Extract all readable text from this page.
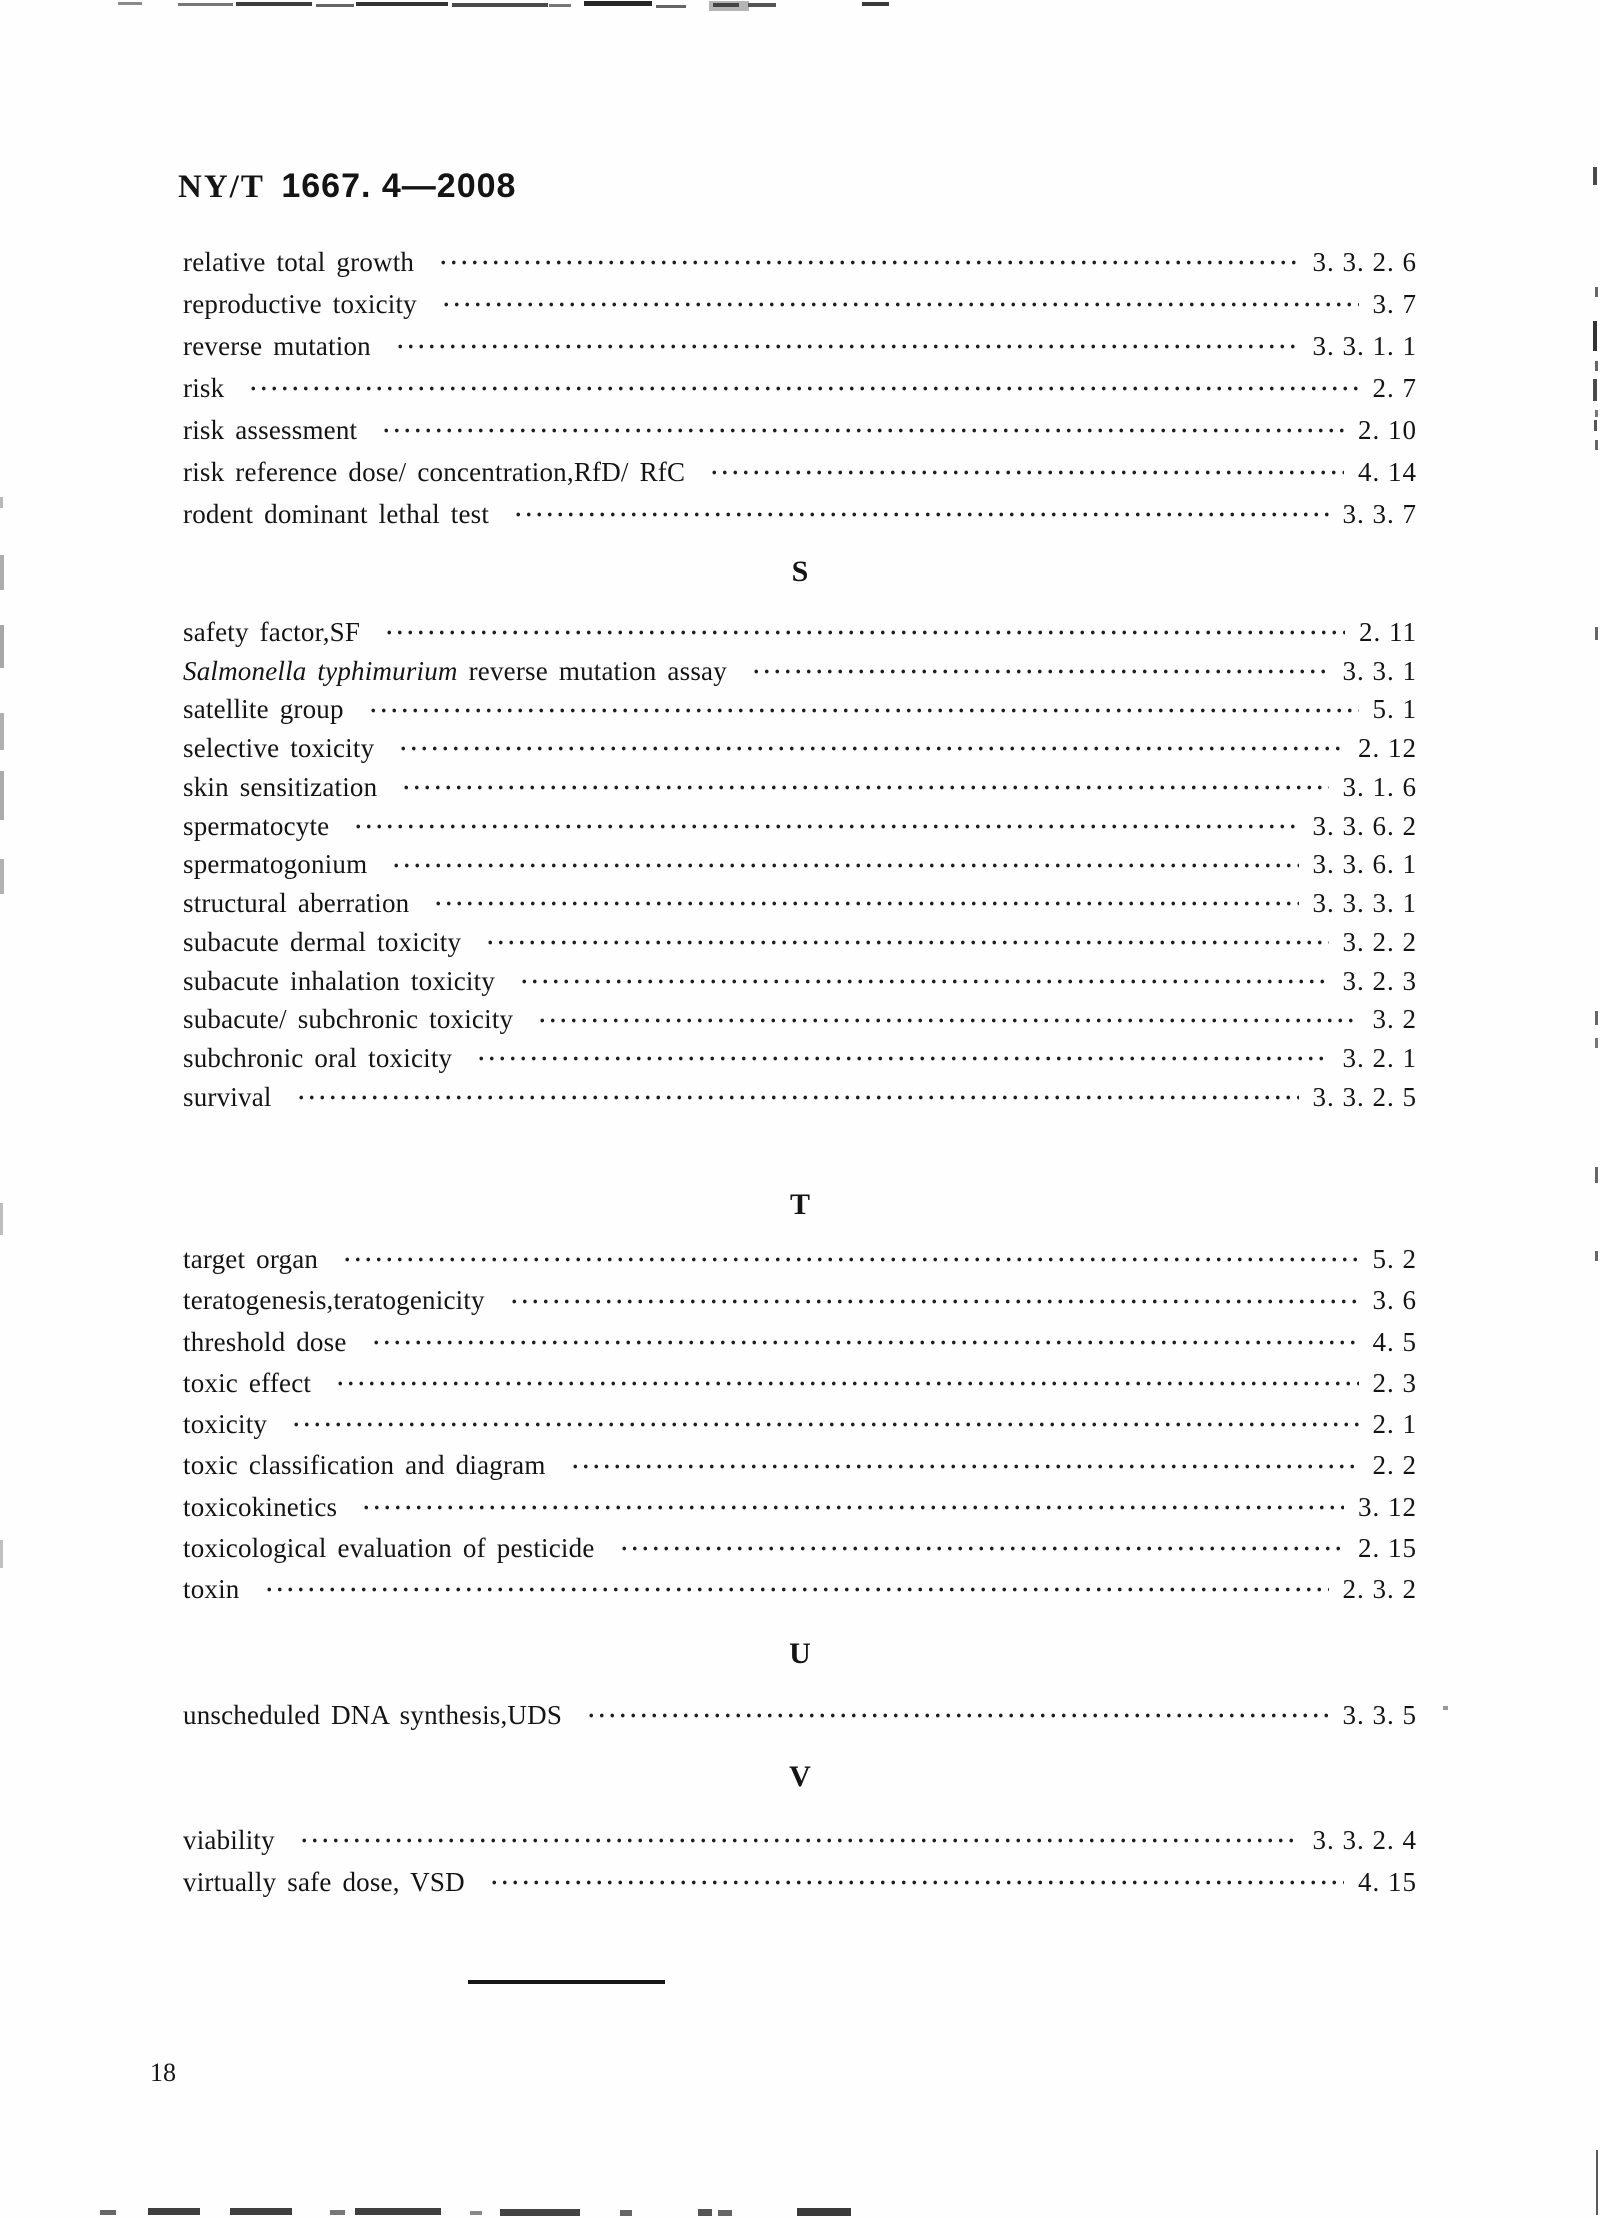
NY/T 1667. 4—2008
relative total growth	3. 3. 2. 6
reproductive toxicity	3. 7
reverse mutation	3. 3. 1. 1
risk	2. 7
risk assessment	2. 10
risk reference dose/ concentration,RfD/ RfC	4. 14
rodent dominant lethal test	3. 3. 7
S
safety factor,SF	2. 11
Salmonella typhimurium reverse mutation assay	3. 3. 1
satellite group	5. 1
selective toxicity	2. 12
skin sensitization	3. 1. 6
spermatocyte	3. 3. 6. 2
spermatogonium	3. 3. 6. 1
structural aberration	3. 3. 3. 1
subacute dermal toxicity	3. 2. 2
subacute inhalation toxicity	3. 2. 3
subacute/ subchronic toxicity	3. 2
subchronic oral toxicity	3. 2. 1
survival	3. 3. 2. 5
T
target organ	5. 2
teratogenesis,teratogenicity	3. 6
threshold dose	4. 5
toxic effect	2. 3
toxicity	2. 1
toxic classification and diagram	2. 2
toxicokinetics	3. 12
toxicological evaluation of pesticide	2. 15
toxin	2. 3. 2
U
unscheduled DNA synthesis,UDS	3. 3. 5
V
viability	3. 3. 2. 4
virtually safe dose, VSD	4. 15
18
